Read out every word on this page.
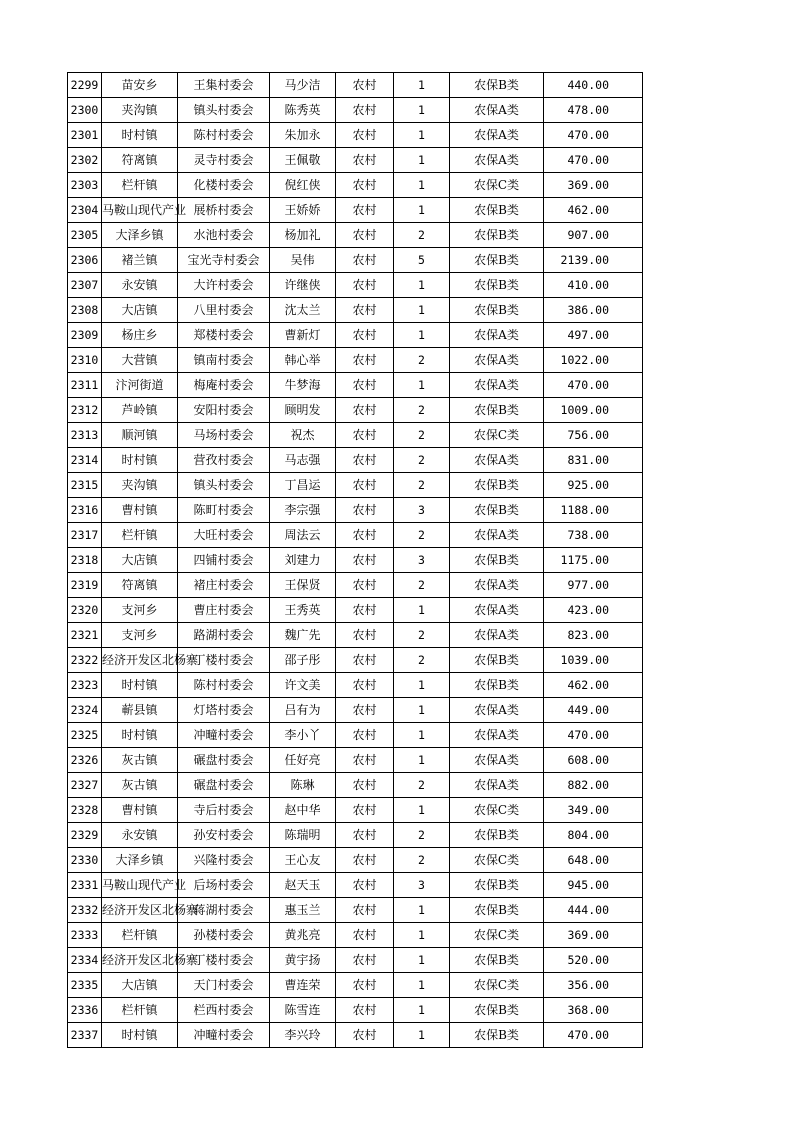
2299	苗安乡	王集村委会	马少洁	农村	1	农保B类	440.00
2300	夹沟镇	镇头村委会	陈秀英	农村	1	农保A类	478.00
2301	时村镇	陈村村委会	朱加永	农村	1	农保A类	470.00
2302	符离镇	灵寺村委会	王佩敬	农村	1	农保A类	470.00
2303	栏杆镇	化楼村委会	倪红侠	农村	1	农保C类	369.00
2304	马鞍山现代产业	展桥村委会	王娇娇	农村	1	农保B类	462.00
2305	大泽乡镇	水池村委会	杨加礼	农村	2	农保B类	907.00
2306	褚兰镇	宝光寺村委会	吴伟	农村	5	农保B类	2139.00
2307	永安镇	大许村委会	许继侠	农村	1	农保B类	410.00
2308	大店镇	八里村委会	沈太兰	农村	1	农保B类	386.00
2309	杨庄乡	郑楼村委会	曹新灯	农村	1	农保A类	497.00
2310	大营镇	镇南村委会	韩心举	农村	2	农保A类	1022.00
2311	汴河街道	梅庵村委会	牛梦海	农村	1	农保A类	470.00
2312	芦岭镇	安阳村委会	顾明发	农村	2	农保B类	1009.00
2313	顺河镇	马场村委会	祝杰	农村	2	农保C类	756.00
2314	时村镇	营孜村委会	马志强	农村	2	农保A类	831.00
2315	夹沟镇	镇头村委会	丁昌运	农村	2	农保B类	925.00
2316	曹村镇	陈町村委会	李宗强	农村	3	农保B类	1188.00
2317	栏杆镇	大旺村委会	周法云	农村	2	农保A类	738.00
2318	大店镇	四铺村委会	刘建力	农村	3	农保B类	1175.00
2319	符离镇	褚庄村委会	王保贤	农村	2	农保A类	977.00
2320	支河乡	曹庄村委会	王秀英	农村	1	农保A类	423.00
2321	支河乡	路湖村委会	魏广先	农村	2	农保A类	823.00
2322	经济开发区北杨寨	丁楼村委会	邵子彤	农村	2	农保B类	1039.00
2323	时村镇	陈村村委会	许文美	农村	1	农保B类	462.00
2324	蕲县镇	灯塔村委会	吕有为	农村	1	农保A类	449.00
2325	时村镇	冲疃村委会	李小丫	农村	1	农保A类	470.00
2326	灰古镇	碾盘村委会	任好亮	农村	1	农保A类	608.00
2327	灰古镇	碾盘村委会	陈琳	农村	2	农保A类	882.00
2328	曹村镇	寺后村委会	赵中华	农村	1	农保C类	349.00
2329	永安镇	孙安村委会	陈瑞明	农村	2	农保B类	804.00
2330	大泽乡镇	兴隆村委会	王心友	农村	2	农保C类	648.00
2331	马鞍山现代产业	后场村委会	赵天玉	农村	3	农保B类	945.00
2332	经济开发区北杨寨	蒋湖村委会	惠玉兰	农村	1	农保B类	444.00
2333	栏杆镇	孙楼村委会	黄兆亮	农村	1	农保C类	369.00
2334	经济开发区北杨寨	丁楼村委会	黄宇扬	农村	1	农保B类	520.00
2335	大店镇	天门村委会	曹连荣	农村	1	农保C类	356.00
2336	栏杆镇	栏西村委会	陈雪连	农村	1	农保B类	368.00
2337	时村镇	冲疃村委会	李兴玲	农村	1	农保B类	470.00
